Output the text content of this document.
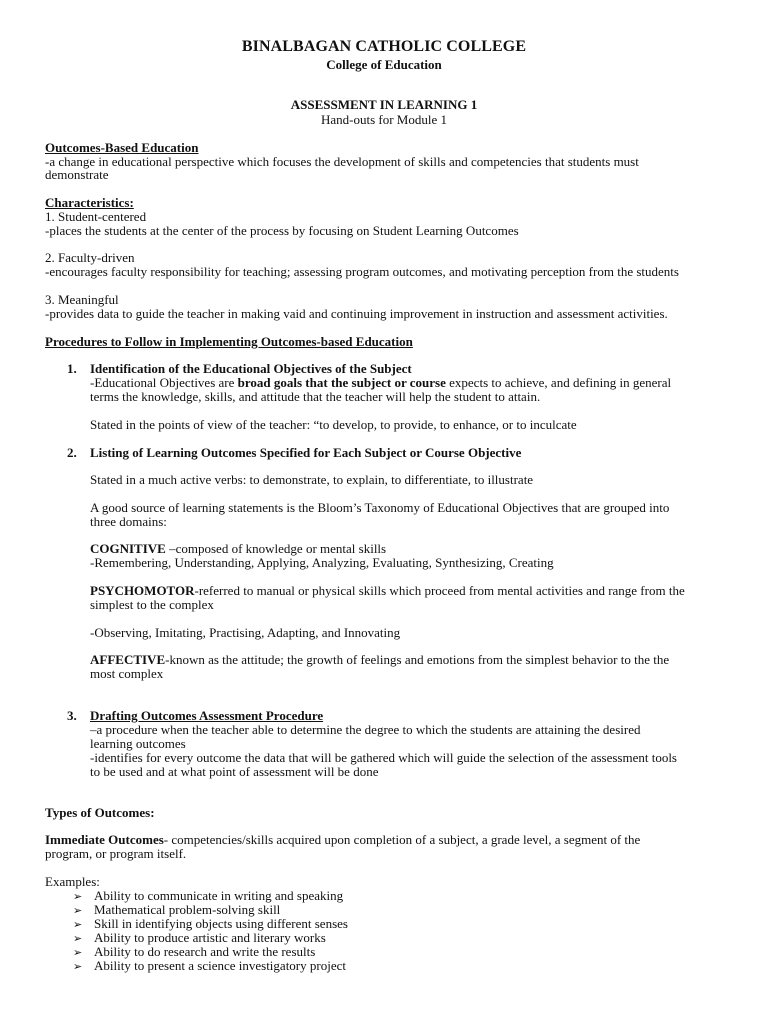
BINALBAGAN CATHOLIC COLLEGE
College of Education
ASSESSMENT IN LEARNING 1
Hand-outs for Module 1
Outcomes-Based Education
-a change in educational perspective which focuses the development of skills and competencies that students must
demonstrate
Characteristics:
1. Student-centered
-places the students at the center of the process by focusing on Student Learning Outcomes
2. Faculty-driven
-encourages faculty responsibility for teaching; assessing program outcomes, and motivating perception from the students
3. Meaningful
-provides data to guide the teacher in making vaid and continuing improvement in instruction and assessment activities.
Procedures to Follow in Implementing Outcomes-based Education
1. Identification of the Educational Objectives of the Subject
-Educational Objectives are broad goals that the subject or course expects to achieve, and defining in general
terms the knowledge, skills, and attitude that the teacher will help the student to attain.
Stated in the points of view of the teacher: “to develop, to provide, to enhance, or to inculcate
2. Listing of Learning Outcomes Specified for Each Subject or Course Objective
Stated in a much active verbs: to demonstrate, to explain, to differentiate, to illustrate
A good source of learning statements is the Bloom’s Taxonomy of Educational Objectives that are grouped into
three domains:
COGNITIVE –composed of knowledge or mental skills
-Remembering, Understanding, Applying, Analyzing, Evaluating, Synthesizing, Creating
PSYCHOMOTOR-referred to manual or physical skills which proceed from mental activities and range from the
simplest to the complex
-Observing, Imitating, Practising, Adapting, and Innovating
AFFECTIVE-known as the attitude; the growth of feelings and emotions from the simplest behavior to the the
most complex
3. Drafting Outcomes Assessment Procedure
–a procedure when the teacher able to determine the degree to which the students are attaining the desired
learning outcomes
-identifies for every outcome the data that will be gathered which will guide the selection of the assessment tools
to be used and at what point of assessment will be done
Types of Outcomes:
Immediate Outcomes- competencies/skills acquired upon completion of a subject, a grade level, a segment of the
program, or program itself.
Examples:
➢ Ability to communicate in writing and speaking
➢ Mathematical problem-solving skill
➢ Skill in identifying objects using different senses
➢ Ability to produce artistic and literary works
➢ Ability to do research and write the results
➢ Ability to present a science investigatory project
